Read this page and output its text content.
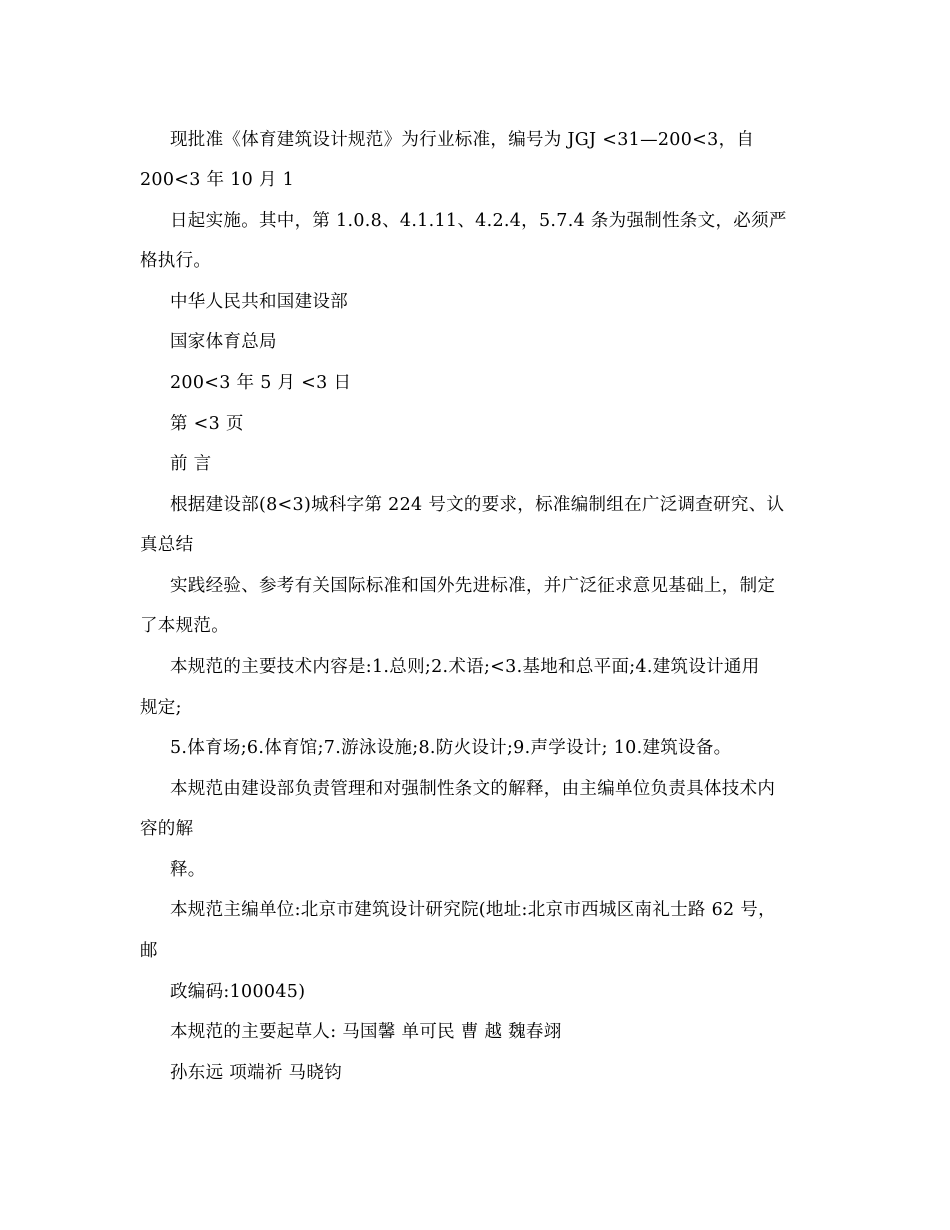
现批准《体育建筑设计规范》为行业标准，编号为 JGJ <31—200<3，自
200<3 年 10 月 1
日起实施。其中，第 1.0.8、4.1.11、4.2.4，5.7.4 条为强制性条文，必须严
格执行。
中华人民共和国建设部
国家体育总局
200<3 年 5 月 <3 日
第 <3 页
前 言
根据建设部(8<3)城科字第 224 号文的要求，标准编制组在广泛调查研究、认
真总结
实践经验、参考有关国际标准和国外先进标准，并广泛征求意见基础上，制定
了本规范。
本规范的主要技术内容是:1.总则;2.术语;<3.基地和总平面;4.建筑设计通用
规定;
5.体育场;6.体育馆;7.游泳设施;8.防火设计;9.声学设计; 10.建筑设备。
本规范由建设部负责管理和对强制性条文的解释，由主编单位负责具体技术内
容的解
释。
本规范主编单位:北京市建筑设计研究院(地址:北京市西城区南礼士路 62 号，
邮
政编码:100045)
本规范的主要起草人: 马国馨 单可民 曹 越 魏春翊
孙东远 项端祈 马晓钧
